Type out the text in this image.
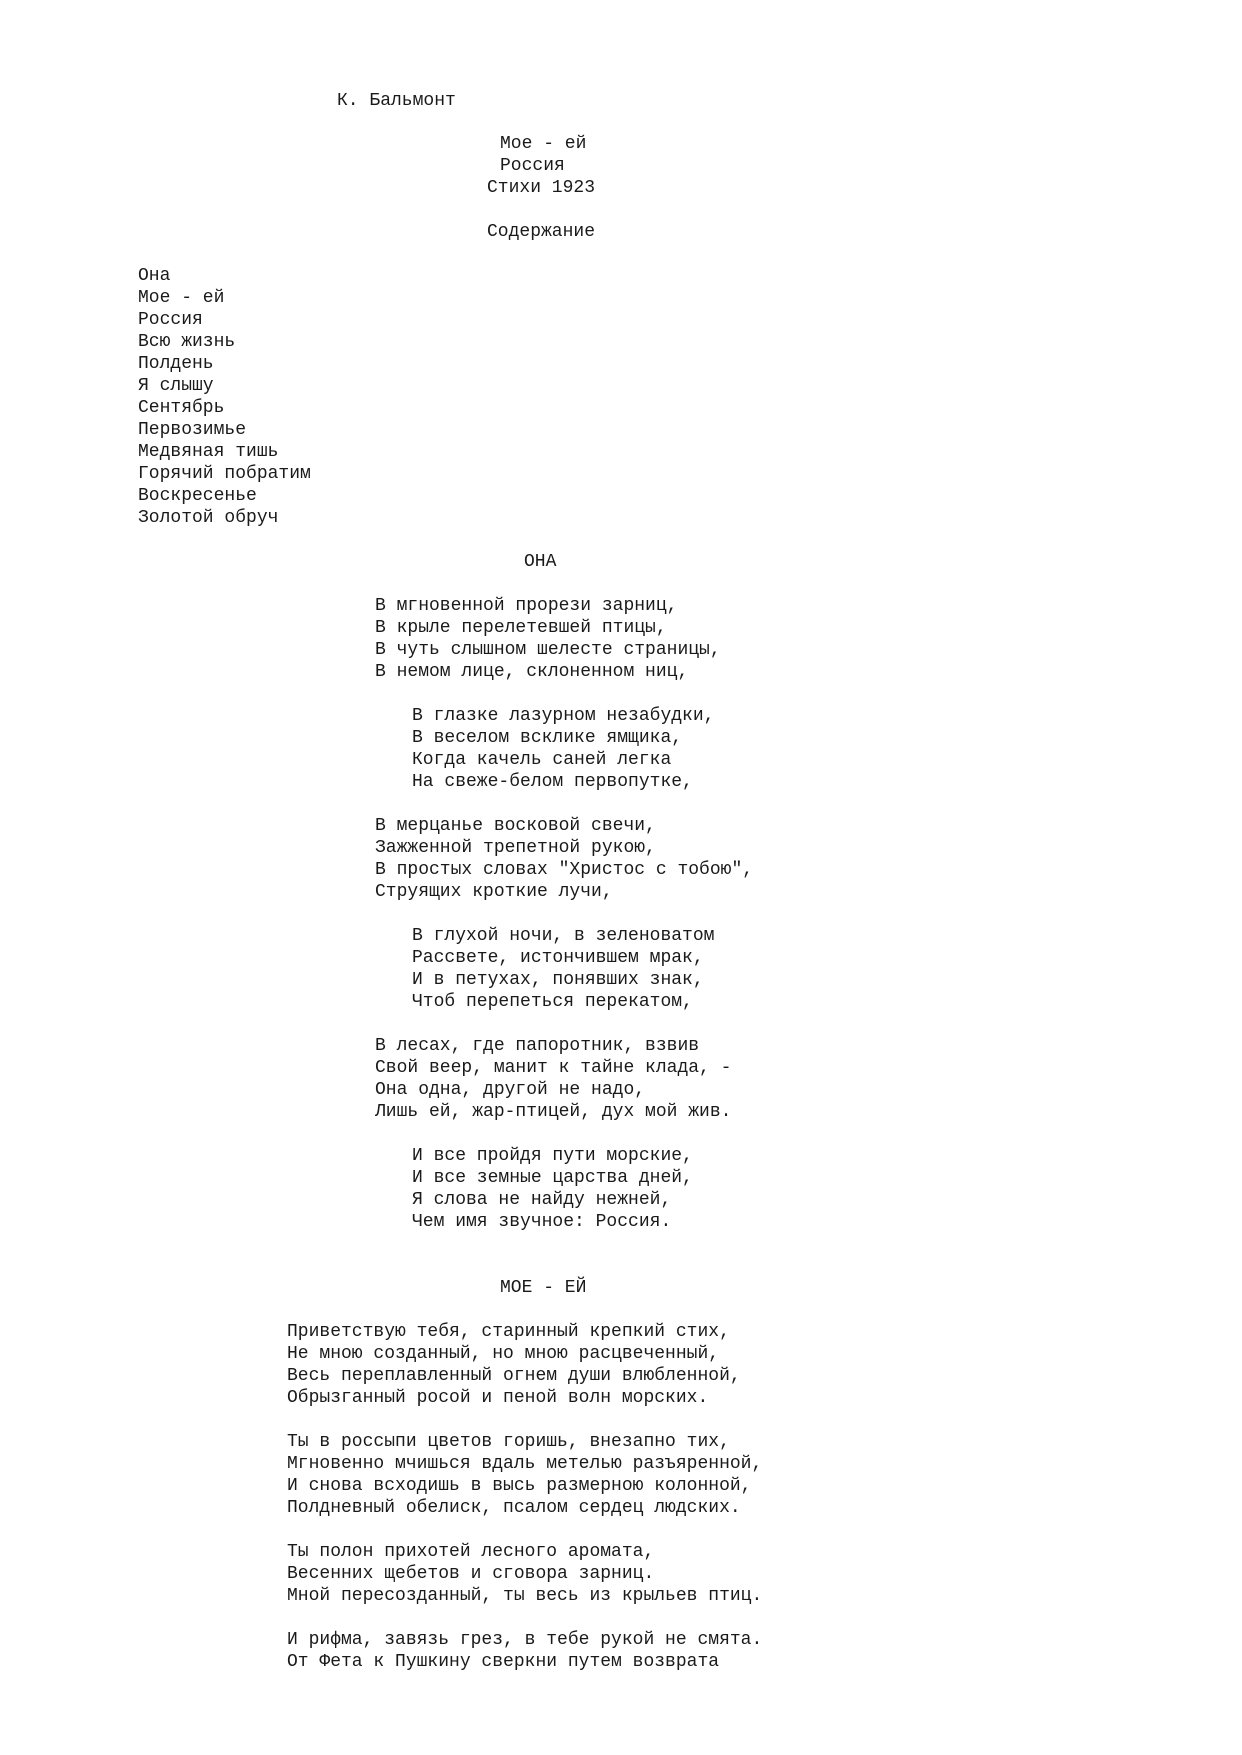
К. Бальмонт
Мое - ей
Россия
Стихи 1923
Содержание
Она
Мое - ей
Россия
Всю жизнь
Полдень
Я слышу
Сентябрь
Первозимье
Медвяная тишь
Горячий побратим
Воскресенье
Золотой обруч
ОНА
В мгновенной прорези зарниц,
В крыле перелетевшей птицы,
В чуть слышном шелесте страницы,
В немом лице, склоненном ниц,
В глазке лазурном незабудки,
В веселом всклике ямщика,
Когда качель саней легка
На свеже-белом первопутке,
В мерцанье восковой свечи,
Зажженной трепетной рукою,
В простых словах "Христос с тобою",
Струящих кроткие лучи,
В глухой ночи, в зеленоватом
Рассвете, истончившем мрак,
И в петухах, понявших знак,
Чтоб перепеться перекатом,
В лесах, где папоротник, взвив
Свой веер, манит к тайне клада, -
Она одна, другой не надо,
Лишь ей, жар-птицей, дух мой жив.
И все пройдя пути морские,
И все земные царства дней,
Я слова не найду нежней,
Чем имя звучное: Россия.
МОЕ - ЕЙ
Приветствую тебя, старинный крепкий стих,
Не мною созданный, но мною расцвеченный,
Весь переплавленный огнем души влюбленной,
Обрызганный росой и пеной волн морских.
Ты в россыпи цветов горишь, внезапно тих,
Мгновенно мчишься вдаль метелью разъяренной,
И снова всходишь в высь размерною колонной,
Полдневный обелиск, псалом сердец людских.
Ты полон прихотей лесного аромата,
Весенних щебетов и сговора зарниц.
Мной пересозданный, ты весь из крыльев птиц.
И рифма, завязь грез, в тебе рукой не смята.
От Фета к Пушкину сверкни путем возврата
